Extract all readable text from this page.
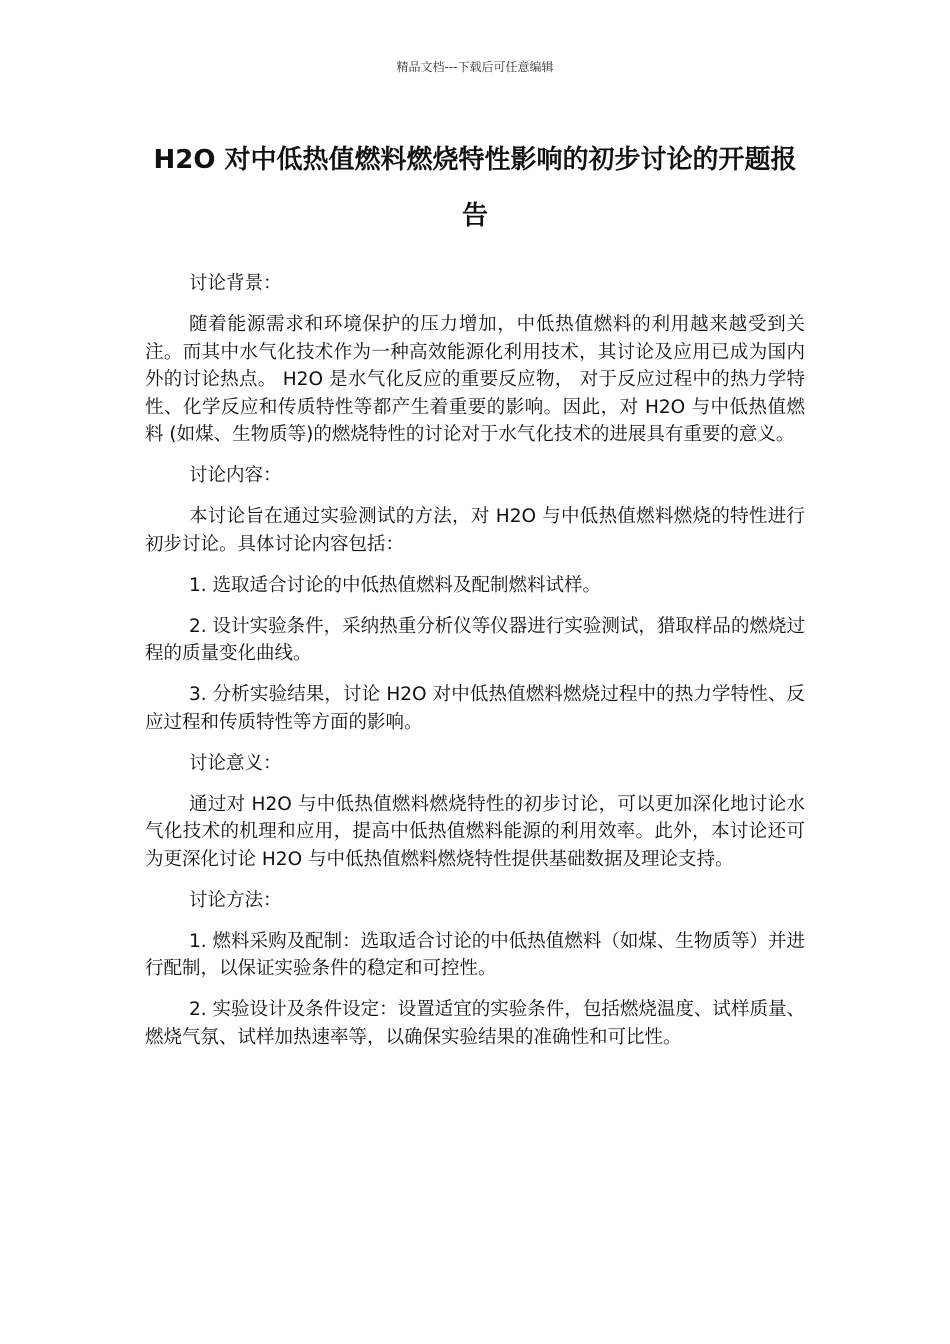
精品文档---下载后可任意编辑
H2O 对中低热值燃料燃烧特性影响的初步讨论的开题报告

讨论背景：

随着能源需求和环境保护的压力增加，中低热值燃料的利用越来越受到关注。而其中水气化技术作为一种高效能源化利用技术，其讨论及应用已成为国内外的讨论热点。 H2O 是水气化反应的重要反应物， 对于反应过程中的热力学特性、化学反应和传质特性等都产生着重要的影响。因此，对 H2O 与中低热值燃料 (如煤、生物质等)的燃烧特性的讨论对于水气化技术的进展具有重要的意义。

讨论内容：

本讨论旨在通过实验测试的方法，对 H2O 与中低热值燃料燃烧的特性进行初步讨论。具体讨论内容包括：

1. 选取适合讨论的中低热值燃料及配制燃料试样。

2. 设计实验条件，采纳热重分析仪等仪器进行实验测试，猎取样品的燃烧过程的质量变化曲线。

3. 分析实验结果，讨论 H2O 对中低热值燃料燃烧过程中的热力学特性、反应过程和传质特性等方面的影响。

讨论意义：

通过对 H2O 与中低热值燃料燃烧特性的初步讨论，可以更加深化地讨论水气化技术的机理和应用，提高中低热值燃料能源的利用效率。此外，本讨论还可为更深化讨论 H2O 与中低热值燃料燃烧特性提供基础数据及理论支持。

讨论方法：

1. 燃料采购及配制：选取适合讨论的中低热值燃料（如煤、生物质等）并进行配制，以保证实验条件的稳定和可控性。

2. 实验设计及条件设定：设置适宜的实验条件，包括燃烧温度、试样质量、燃烧气氛、试样加热速率等，以确保实验结果的准确性和可比性。
